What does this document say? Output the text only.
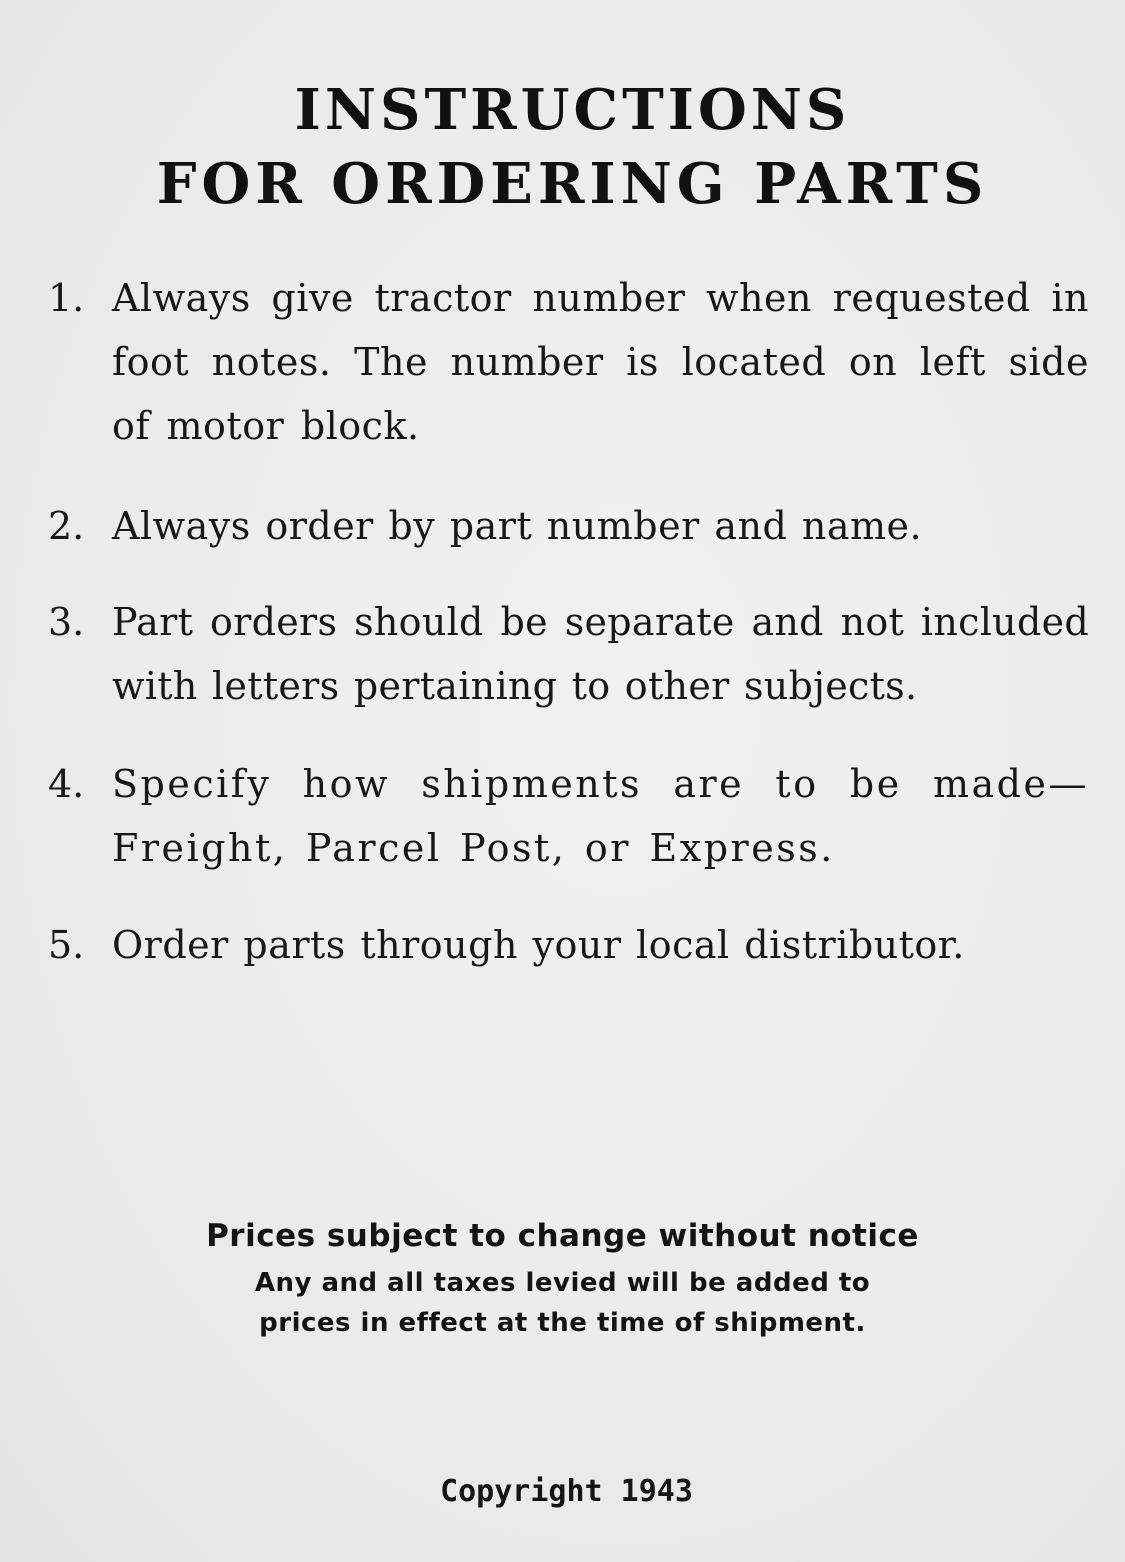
INSTRUCTIONS
FOR ORDERING PARTS
1. Always give tractor number when requested in foot notes. The number is located on left side of motor block.
2. Always order by part number and name.
3. Part orders should be separate and not included with letters pertaining to other subjects.
4. Specify how shipments are to be made— Freight, Parcel Post, or Express.
5. Order parts through your local distributor.
Prices subject to change without notice
Any and all taxes levied will be added to
prices in effect at the time of shipment.
Copyright 1943
